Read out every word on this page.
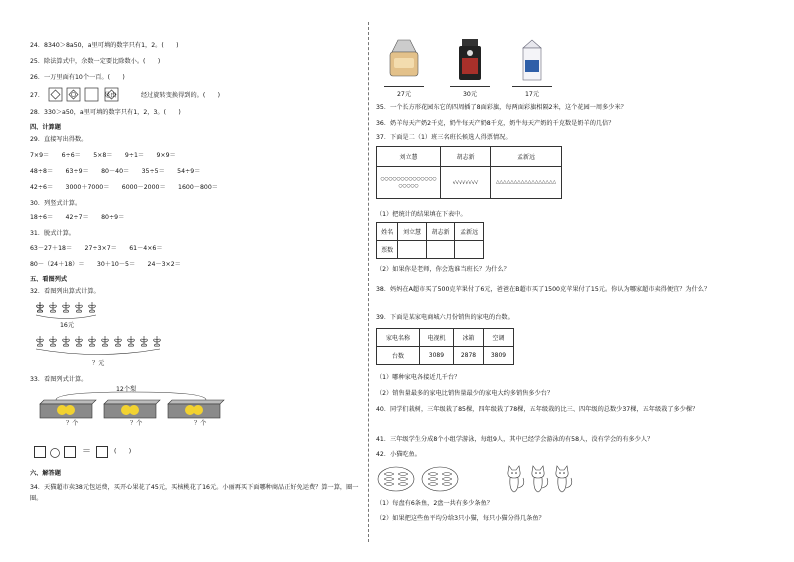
24．8340＞8a50，a里可填的数字只有1，2。(　　)
25．除法算式中，余数一定要比除数小。(　　)
26．一万里面有10个一百。(　　)
27．	是由	经过旋转变换得到的。(　　)
28．330＞a50，a里可填的数字只有1，2，3。(　　)
四、计算题
29．直接写出得数。
7×9＝　　6÷6＝　　5×8＝　　9÷1＝　　9×9＝
48÷8＝　　63÷9＝　　80－40＝　　35÷5＝　　54÷9＝
42÷6＝　　3000＋7000＝　　6000－2000＝　　1600－800＝
30．列竖式计算。
18÷6＝　　42÷7＝　　80÷9＝
31．脱式计算。
63－27＋18＝　　27÷3×7＝　　61－4×6＝
80－（24＋18）＝　　30＋10－5＝　　24－3×2＝
五、看图列式
32．看图列出算式计算。
16元
？元
33．看图列式计算。
12个梨
？个	？个	？个
＝	(　　)
六、解答题
34．天猫超市卖38元包运费，买开心果花了45元，买核桃花了16元。小丽再买下面哪种商品正好免运费？算一算，圈一圈。
27元	30元	17元
35．一个长方形花园东它的四周插了8面彩旗，每两面彩旗相隔2米，这个花园一周多少米？
36．奶羊每天产奶2千克，奶牛每天产奶8千克，奶牛每天产奶的千克数是奶羊的几倍？
37．下面是二（1）班三名班长候选人得票情况。
刘立慧	胡志新	孟新远
○○○○○○○○○○○○○○○○○○○	√√√√√√√√	△△△△△△△△△△△△△△△△△
（1）把统计的结果填在下表中。
姓名	刘立慧	胡志新	孟新远
票数			
（2）如果你是老师，你会选谁当班长？为什么？
38．妈妈在A超市买了500克苹果付了6元，爸爸在B超市买了1500克苹果付了15元。你认为哪家超市卖得便宜？为什么？
39．下面是某家电商城六月份销售的家电的台数。
家电名称	电视机	冰箱	空调
台数	3089	2878	3809
（1）哪种家电各接近几千台？
（2）销售量最多的家电比销售量最少的家电大约多销售多少台？
40．同学们栽树，三年级栽了85棵，四年级栽了78棵，五年级栽的比三、四年级的总数少37棵，五年级栽了多少棵？
41．三年级学生分成8个小组学游泳，每组9人，其中已经学会游泳的有58人，没有学会的有多少人？
42．小猫吃鱼。
（1）每盘有6条鱼，2盘一共有多少条鱼？
（2）如果把这些鱼平均分给3只小猫，每只小猫分得几条鱼？
